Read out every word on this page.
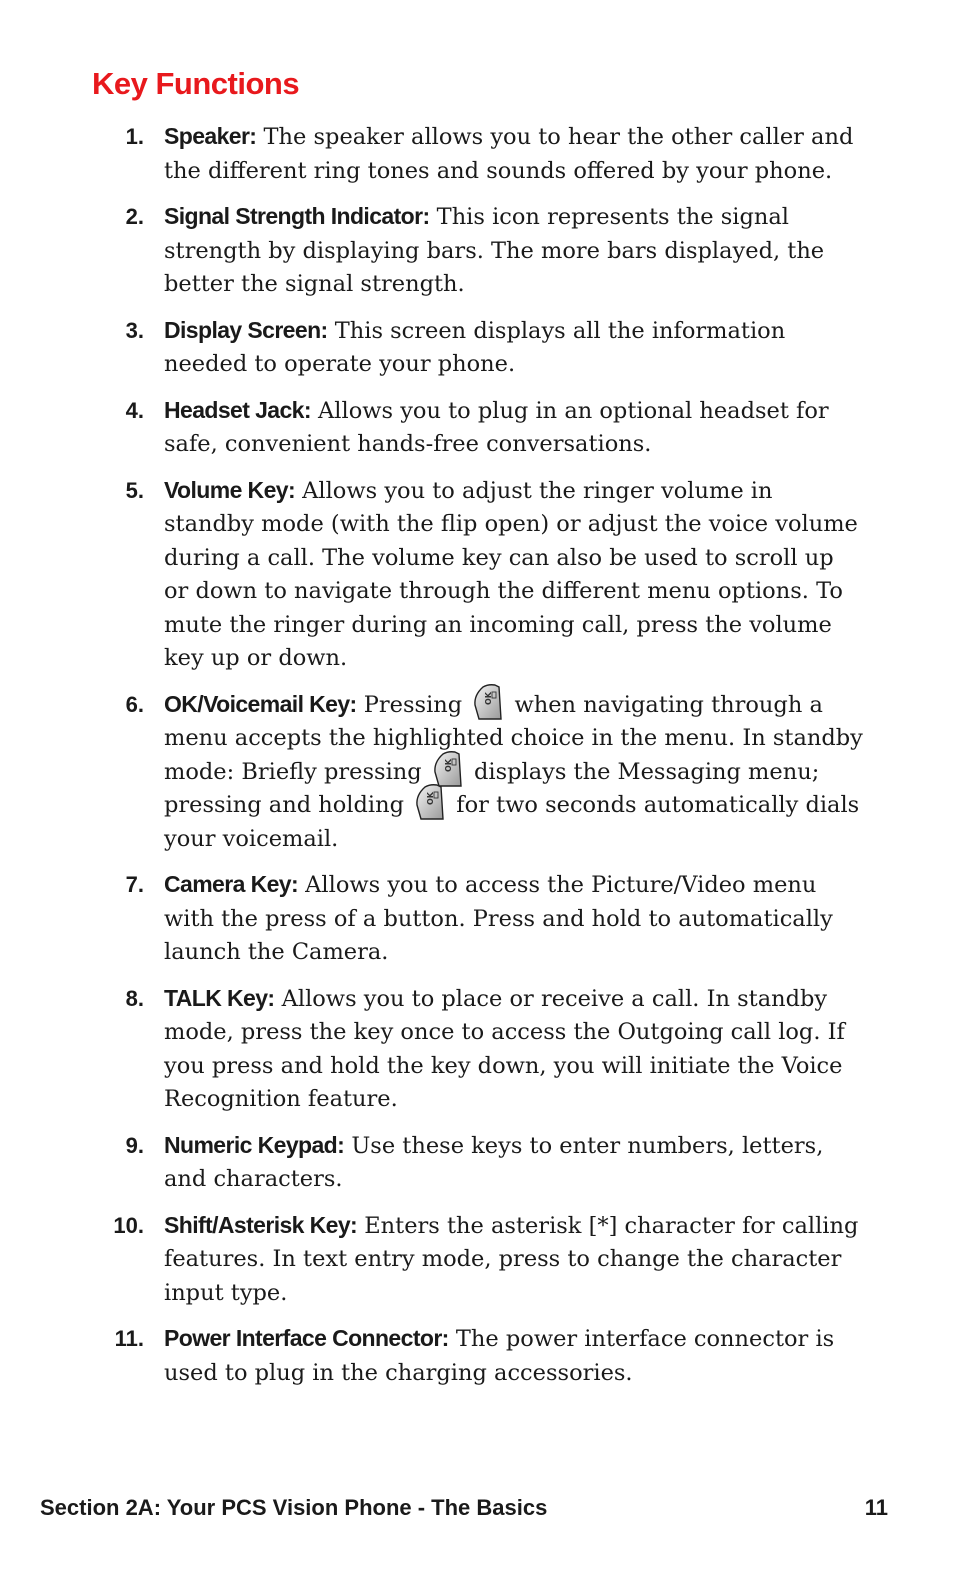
Key Functions
1. Speaker: The speaker allows you to hear the other caller and the different ring tones and sounds offered by your phone.
2. Signal Strength Indicator: This icon represents the signal strength by displaying bars. The more bars displayed, the better the signal strength.
3. Display Screen: This screen displays all the information needed to operate your phone.
4. Headset Jack: Allows you to plug in an optional headset for safe, convenient hands-free conversations.
5. Volume Key: Allows you to adjust the ringer volume in standby mode (with the flip open) or adjust the voice volume during a call. The volume key can also be used to scroll up or down to navigate through the different menu options. To mute the ringer during an incoming call, press the volume key up or down.
6. OK/Voicemail Key: Pressing	OK when navigating through a menu accepts the highlighted choice in the menu. In standby mode: Briefly pressing	OK displays the Messaging menu; pressing and holding	OK for two seconds automatically dials your voicemail.
7. Camera Key: Allows you to access the Picture/Video menu with the press of a button. Press and hold to automatically launch the Camera.
8. TALK Key: Allows you to place or receive a call. In standby mode, press the key once to access the Outgoing call log. If you press and hold the key down, you will initiate the Voice Recognition feature.
9. Numeric Keypad: Use these keys to enter numbers, letters, and characters.
10. Shift/Asterisk Key: Enters the asterisk [*] character for calling features. In text entry mode, press to change the character input type.
11. Power Interface Connector: The power interface connector is used to plug in the charging accessories.
Section 2A: Your PCS Vision Phone - The Basics	11
